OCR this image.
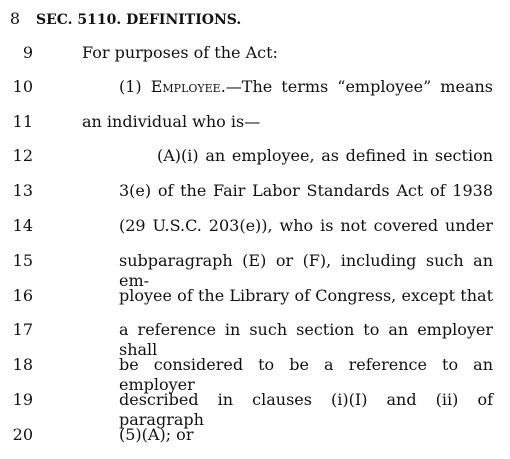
8 SEC. 5110. DEFINITIONS.
9	For purposes of the Act:
10	(1) Employee.—The terms “employee” means
11	an individual who is—
12	(A)(i) an employee, as defined in section
13	3(e) of the Fair Labor Standards Act of 1938
14	(29 U.S.C. 203(e)), who is not covered under
15	subparagraph (E) or (F), including such an em-
16	ployee of the Library of Congress, except that
17	a reference in such section to an employer shall
18	be considered to be a reference to an employer
19	described in clauses (i)(I) and (ii) of paragraph
20	(5)(A); or
